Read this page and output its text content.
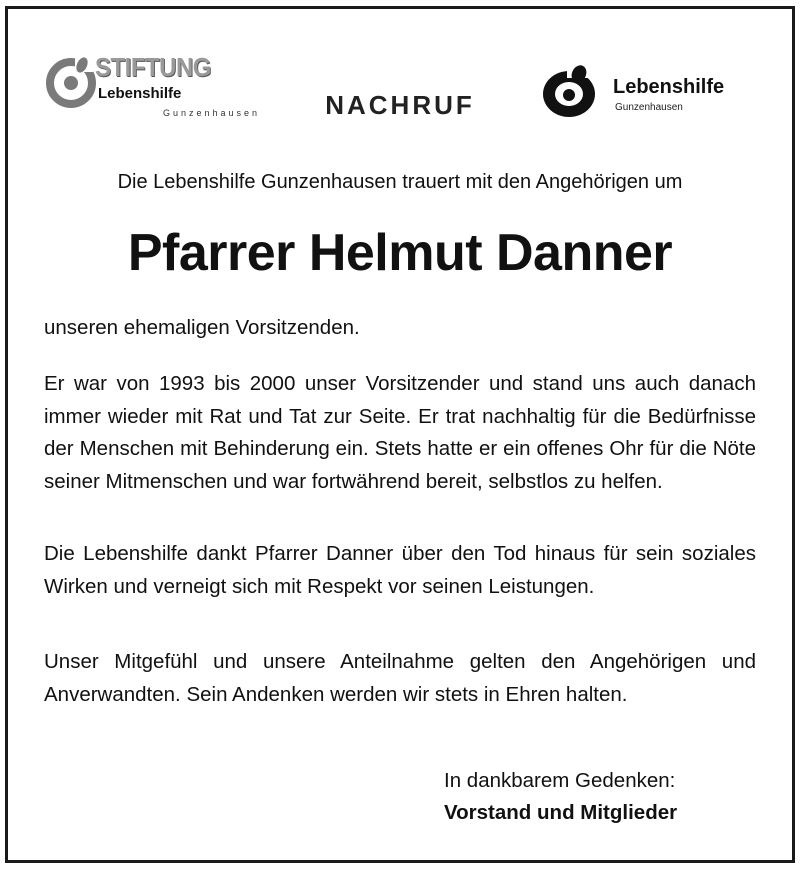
STIFTUNG
Lebenshilfe
Gunzenhausen	NACHRUF
Lebenshilfe
Gunzenhausen
Die Lebenshilfe Gunzenhausen trauert mit den Angehörigen um
Pfarrer Helmut Danner

unseren ehemaligen Vorsitzenden.

Er war von 1993 bis 2000 unser Vorsitzender und stand uns auch danach immer wieder mit Rat und Tat zur Seite. Er trat nachhaltig für die Bedürfnisse der Menschen mit Behinderung ein. Stets hatte er ein offenes Ohr für die Nöte seiner Mitmenschen und war fortwährend bereit, selbstlos zu helfen.

Die Lebenshilfe dankt Pfarrer Danner über den Tod hinaus für sein soziales Wirken und verneigt sich mit Respekt vor seinen Leistungen.

Unser Mitgefühl und unsere Anteilnahme gelten den Angehörigen und Anverwandten. Sein Andenken werden wir stets in Ehren halten.

In dankbarem Gedenken:
Vorstand und Mitglieder
